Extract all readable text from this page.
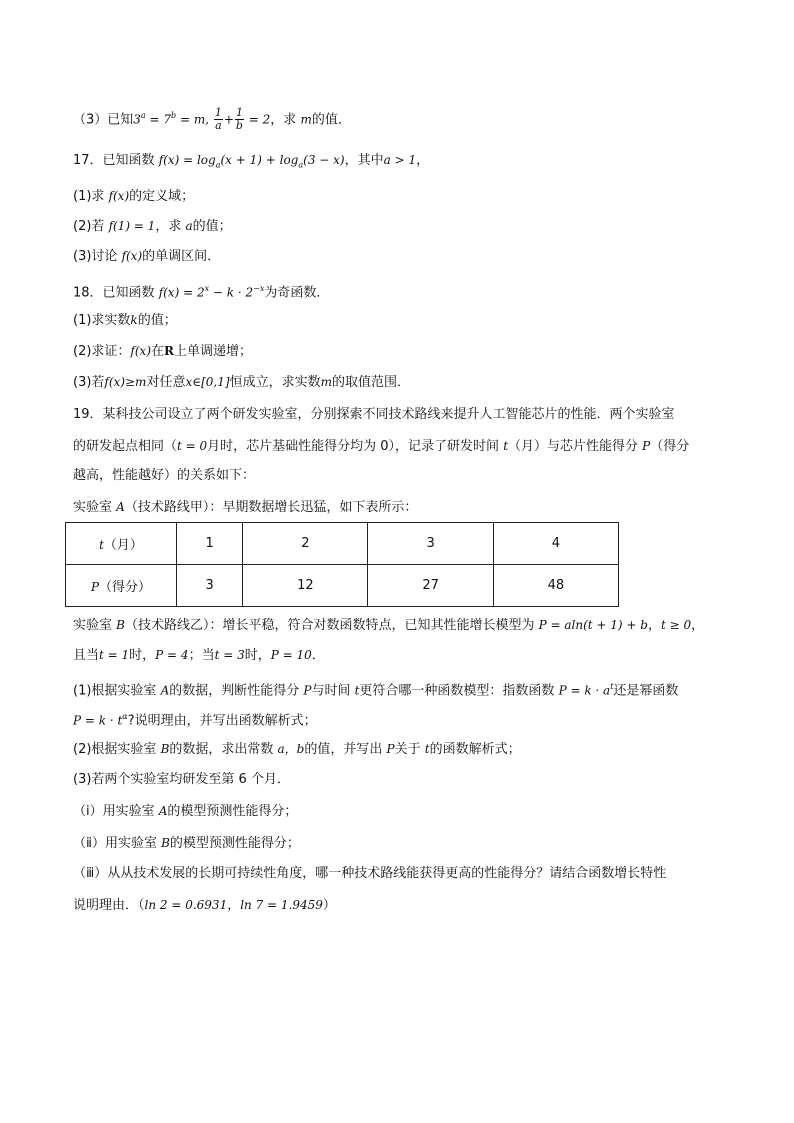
（3）已知$3^a = 7^b = m$, $\frac{1}{a} + \frac{1}{b} = 2$，求 m的值．
17．已知函数 $f(x) = \log_a(x + 1) + \log_a(3 - x)$，其中a > 1，
(1)求 f(x)的定义域；
(2)若 f(1) = 1，求 a的值；
(3)讨论 f(x)的单调区间．
18．已知函数 $f(x) = 2^x - k \cdot 2^{-x}$为奇函数．
(1)求实数k的值；
(2)求证：f(x)在R上单调递增；
(3)若f(x)≥m对任意x∈[0,1]恒成立，求实数m的取值范围．
19．某科技公司设立了两个研发实验室，分别探索不同技术路线来提升人工智能芯片的性能．两个实验室
的研发起点相同（t = 0月时，芯片基础性能得分均为 0），记录了研发时间 t（月）与芯片性能得分 P（得分
越高，性能越好）的关系如下：
实验室 A（技术路线甲）：早期数据增长迅猛，如下表所示：
t（月）	1	2	3	4
P（得分）	3	12	27	48
实验室 B（技术路线乙）：增长平稳，符合对数函数特点，已知其性能增长模型为 P = aln(t + 1) + b，t ≥ 0，
且当t = 1时，P = 4；当t = 3时，P = 10．
(1)根据实验室 A的数据，判断性能得分 P与时间 t更符合哪一种函数模型：指数函数 $P = k \cdot a^t$还是幂函数
$P = k \cdot t^\alpha$?说明理由，并写出函数解析式；
(2)根据实验室 B的数据，求出常数 a，b的值，并写出 P关于 t的函数解析式；
(3)若两个实验室均研发至第 6 个月．
（ⅰ）用实验室 A的模型预测性能得分；
（ⅱ）用实验室 B的模型预测性能得分；
（ⅲ）从从技术发展的长期可持续性角度，哪一种技术路线能获得更高的性能得分？请结合函数增长特性
说明理由．（ln 2 = 0.6931，ln 7 = 1.9459）
